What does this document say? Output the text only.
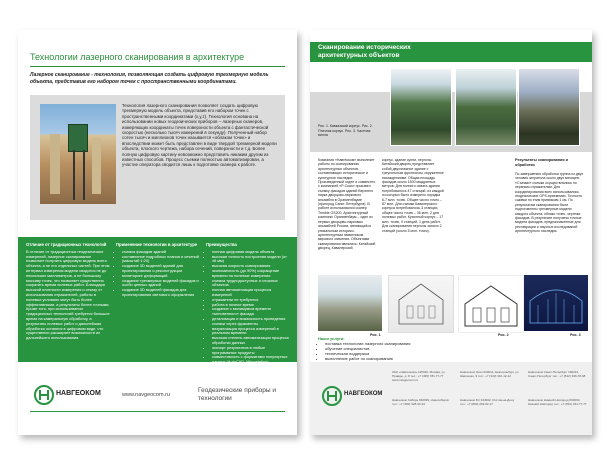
Технологии лазерного сканирования в архитектуре
Лазерное сканирование - технология, позволяющая создать цифровую трехмерную модель объекта, представив его набором точек с пространственными координатами.
Технология лазерного сканирования позволяет создать цифровую трехмерную модель объекта, представив его набором точек с пространственными координатами (x,y,z). Технология основана на использовании новых геодезических приборов – лазерных сканеров, измеряющих координаты точек поверхности объекта с фантастической скоростью (несколько тысяч измерений в секунду). Полученный набор сотен тысяч и миллионов точек называется «облаком точек» и впоследствии может быть представлен в виде твердой трехмерной модели объекта, плоского чертежа, набора сечений, поверхности и т.д. Более полную цифровую картину невозможно представить никаким другим из известных способов. Процесс съемки полностью автоматизирован, а участие оператора сводится лишь к подготовке сканера к работе.
Отличие от традиционных технологий
В отличие от традиционных геодезических измерений, лазерное сканирование позволяет получить цифровую модель всего объекта, а не его отдельных частей. При этом интервал измерения модели сводится не до нескольких миллиметров, а не большому массиву точек, что позволяет существенно сократить время полевых работ. Благодаря высокой плотности измерения и отказу от использования отражателей, работы в полевых условиях могут быть более эффективными, а результаты более точными. Кроме того, при использовании традиционных технологий требуется большое время на камеральную обработку, а результаты полевых работ и дальнейшая обработка остаются в цифровом виде, что существенно расширяет возможности их дальнейшего использования.
Применение технологии в архитектуре
• съемка фасадов зданий
• составление подробных планов и сечений (масштаб 1:20)
• создание 3D моделей зданий для проектирования и реконструкции
• мониторинг деформаций
• создание трехмерных моделей фасадов и особо ценных зданий
• создание 3D моделей фасадов для проектирования светового оформления
Преимущества
• полная цифровая модель объекта
• высокая точность построения модели (от ±6 мм)
• высокая скорость сканирования
• экономичность (до 90%) сокращение времени на полевые измерения
• съемка труднодоступных и сложных объектов
• полная автоматизация процесса измерений
• отражатели не требуются
• работа в ночное время
• создание с минимумом времени «мгновенного» фасада
• детализация и возможность проведения съемки через фрагменты
• визуализация процесса измерений в реальном времени
• высокая степень автоматизации процесса обработки данных
• экспорт результатов в любые программные продукты
• совместимость с форматами популярных данных (AutoCAD, Microstation)
НАВГЕОКОМ	www.navgeocom.ru
Геодезические приборы и технологии
Сканирование исторических архитектурных объектов
Рис. 1. Кавказский корпус. Рис. 2. Птичник корпус. Рис. 3. Частная вилла
Компания «Навгеоком» выполняет работы по сканированию архитектурных объектов, составляющих историческое и культурное наследие. Произведенный отдел и совместно с компанией «Р-Скан» произвел съемку фасадов зданий Верхнего парка дворцово-паркового ансамбля в Ораниенбауме (пригород Санкт-Петербурга). В работе использовался сканер Trimble GS200. Архитектурный комплекс Ораниенбаум – один из первых дворцово-парковых ансамблей России, являющийся уникальным историко-архитектурным памятником мирового значения. Объектами сканирования являлись: Китайский дворец, Кавалерский
корпус, здание кухни, пергола. Китайский дворец представляет собой двухэтажное здание с треугольным фронтоном, окруженное насаждениями. Общая площадь фасадов около 1500 квадратных метров. Для полного охвата здания потребовалось 47 станций, из каждой из которых было измерено порядка 6-7 млн. точек. Общее число точек – 87 млн. Для съемки Кавалерского корпуса потребовалось 3 станции, общее число точек – 36 млн. 2 дня полевых работ. Кухонный корпус – 17 млн. точек, 9 станций, 1 день работ. Для сканирования перголы заняло 2 станций (около 5 млн. точек).
Результаты сканирования и обработки
По завершению обработки группа из двух человек затратила около двух месяцев. «Съемки» съемки осуществлялись по нервным отражателям. Для координирования всех использовались геодезические GPS-приемники. Точность сшивки по этим привязкам 1 см. По результатам сканирования были подготовлены трехмерные модели каждого объекта, облако точек, чертежи фасадов. В результате получены точные модели фасадов, предназначенные для реставрации и научных исследований архитектурного наследия.
Рис. 1	Рис. 2	Рис. 3
Наши услуги:
• поставка технологии лазерного сканирования
• обучение специалистов
• техническая поддержка
• выполнение работ по сканированию
НАВГЕОКОМ
ЗАО «Навгеоком» 125040, Москва, ул. Правды, д. 8 тел.: +7 (495) 781-77-77 www.navgeocom.ru
Навгеоком Урал 620014, Екатеринбург, ул. Шевченко, 9 тел.: +7 (343) 310-12-12
Навгеоком Санкт-Петербург 190013, Санкт-Петербург тел.: +7 (812) 336-78-68
Навгеоком Сибирь 630099, Новосибирск тел.: +7 (383) 328-34-34
Навгеоком Юг 344002, Ростов-на-Дону тел.: +7 (863) 203-62-17
Навгеоком Нижний Новгород 603000, Нижний Новгород тел.: +7 (831) 461-77-77
